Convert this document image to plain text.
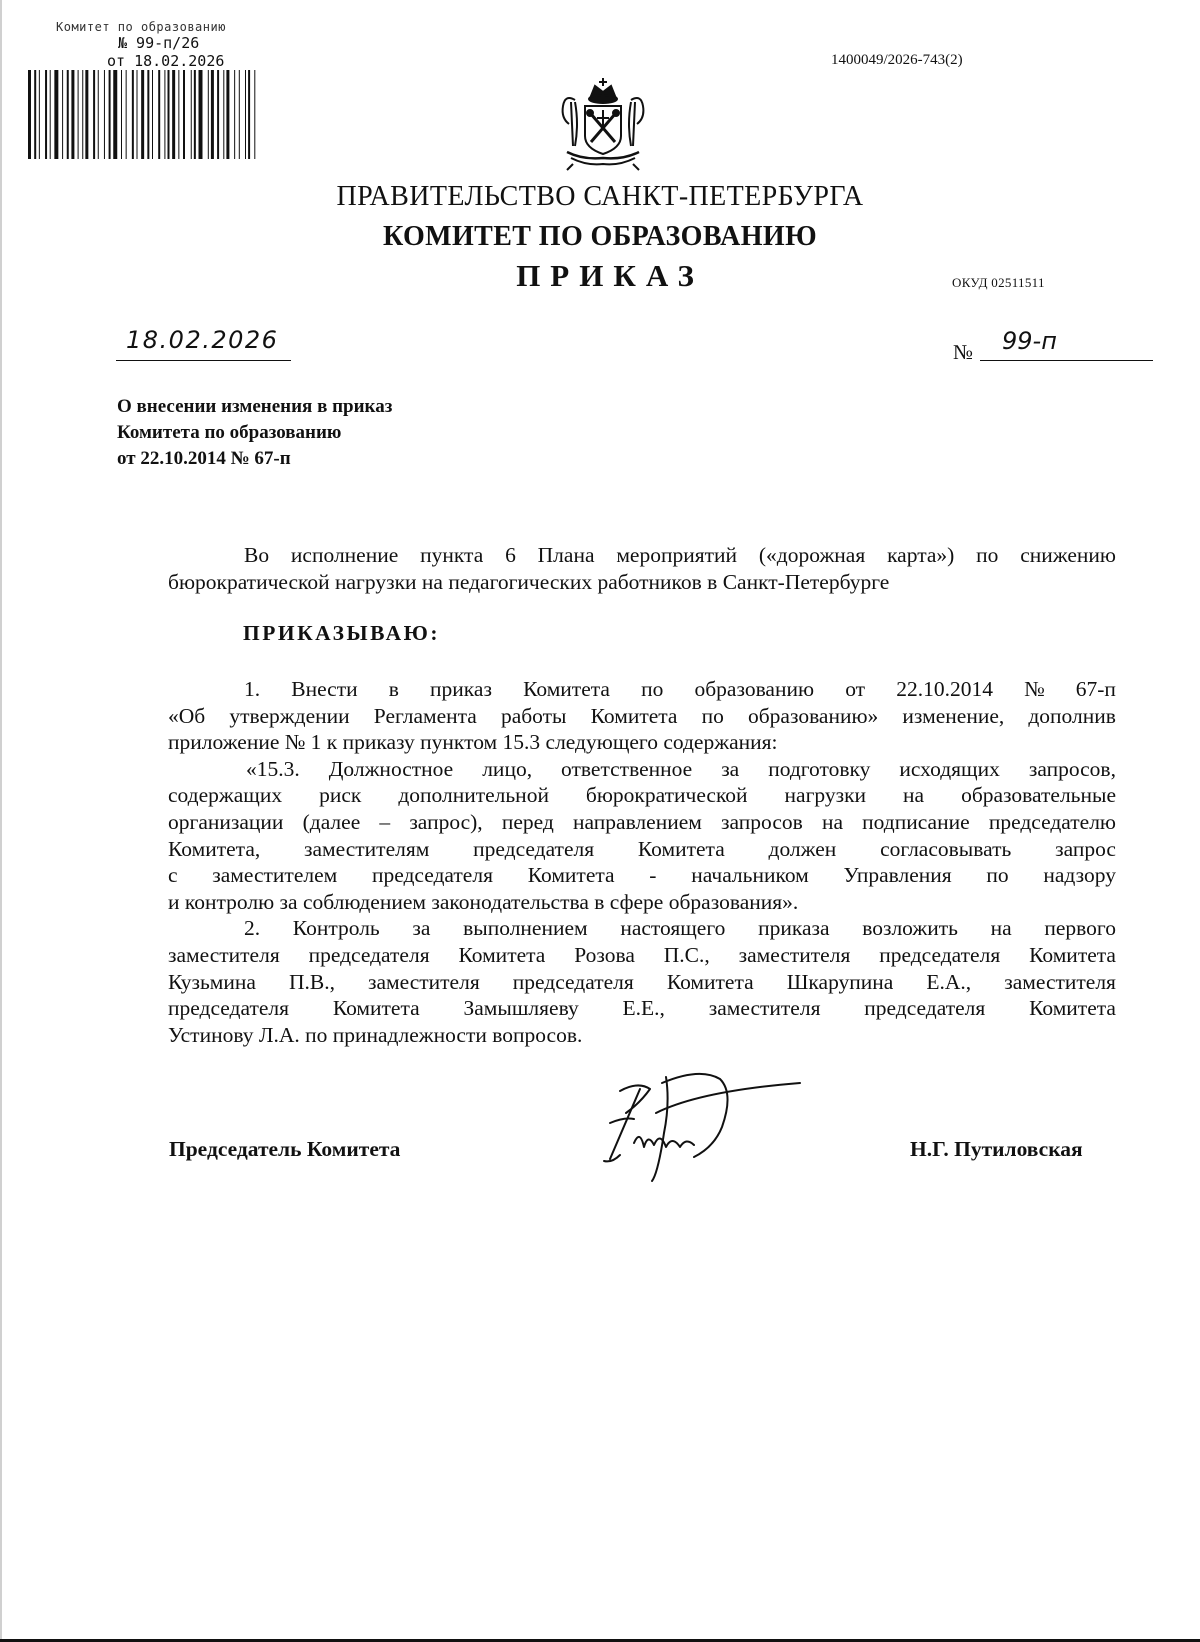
Комитет по образованию
№ 99-п/26
от 18.02.2026	1400049/2026-743(2)
ПРАВИТЕЛЬСТВО САНКТ-ПЕТЕРБУРГА
КОМИТЕТ ПО ОБРАЗОВАНИЮ
ПРИКАЗ	ОКУД 02511511
18.02.2026	№ 99-п
О внесении изменения в приказ
Комитета по образованию
от 22.10.2014 № 67-п
Во исполнение пункта 6 Плана мероприятий («дорожная карта») по снижению
бюрократической нагрузки на педагогических работников в Санкт-Петербурге
ПРИКАЗЫВАЮ:
1. Внести в приказ Комитета по образованию от 22.10.2014 № 67-п
«Об утверждении Регламента работы Комитета по образованию» изменение, дополнив
приложение № 1 к приказу пунктом 15.3 следующего содержания:
«15.3. Должностное лицо, ответственное за подготовку исходящих запросов,
содержащих риск дополнительной бюрократической нагрузки на образовательные
организации (далее – запрос), перед направлением запросов на подписание председателю
Комитета, заместителям председателя Комитета должен согласовывать запрос
с заместителем председателя Комитета - начальником Управления по надзору
и контролю за соблюдением законодательства в сфере образования».
2. Контроль за выполнением настоящего приказа возложить на первого
заместителя председателя Комитета Розова П.С., заместителя председателя Комитета
Кузьмина П.В., заместителя председателя Комитета Шкарупина Е.А., заместителя
председателя Комитета Замышляеву Е.Е., заместителя председателя Комитета
Устинову Л.А. по принадлежности вопросов.
Председатель Комитета	Н.Г. Путиловская
